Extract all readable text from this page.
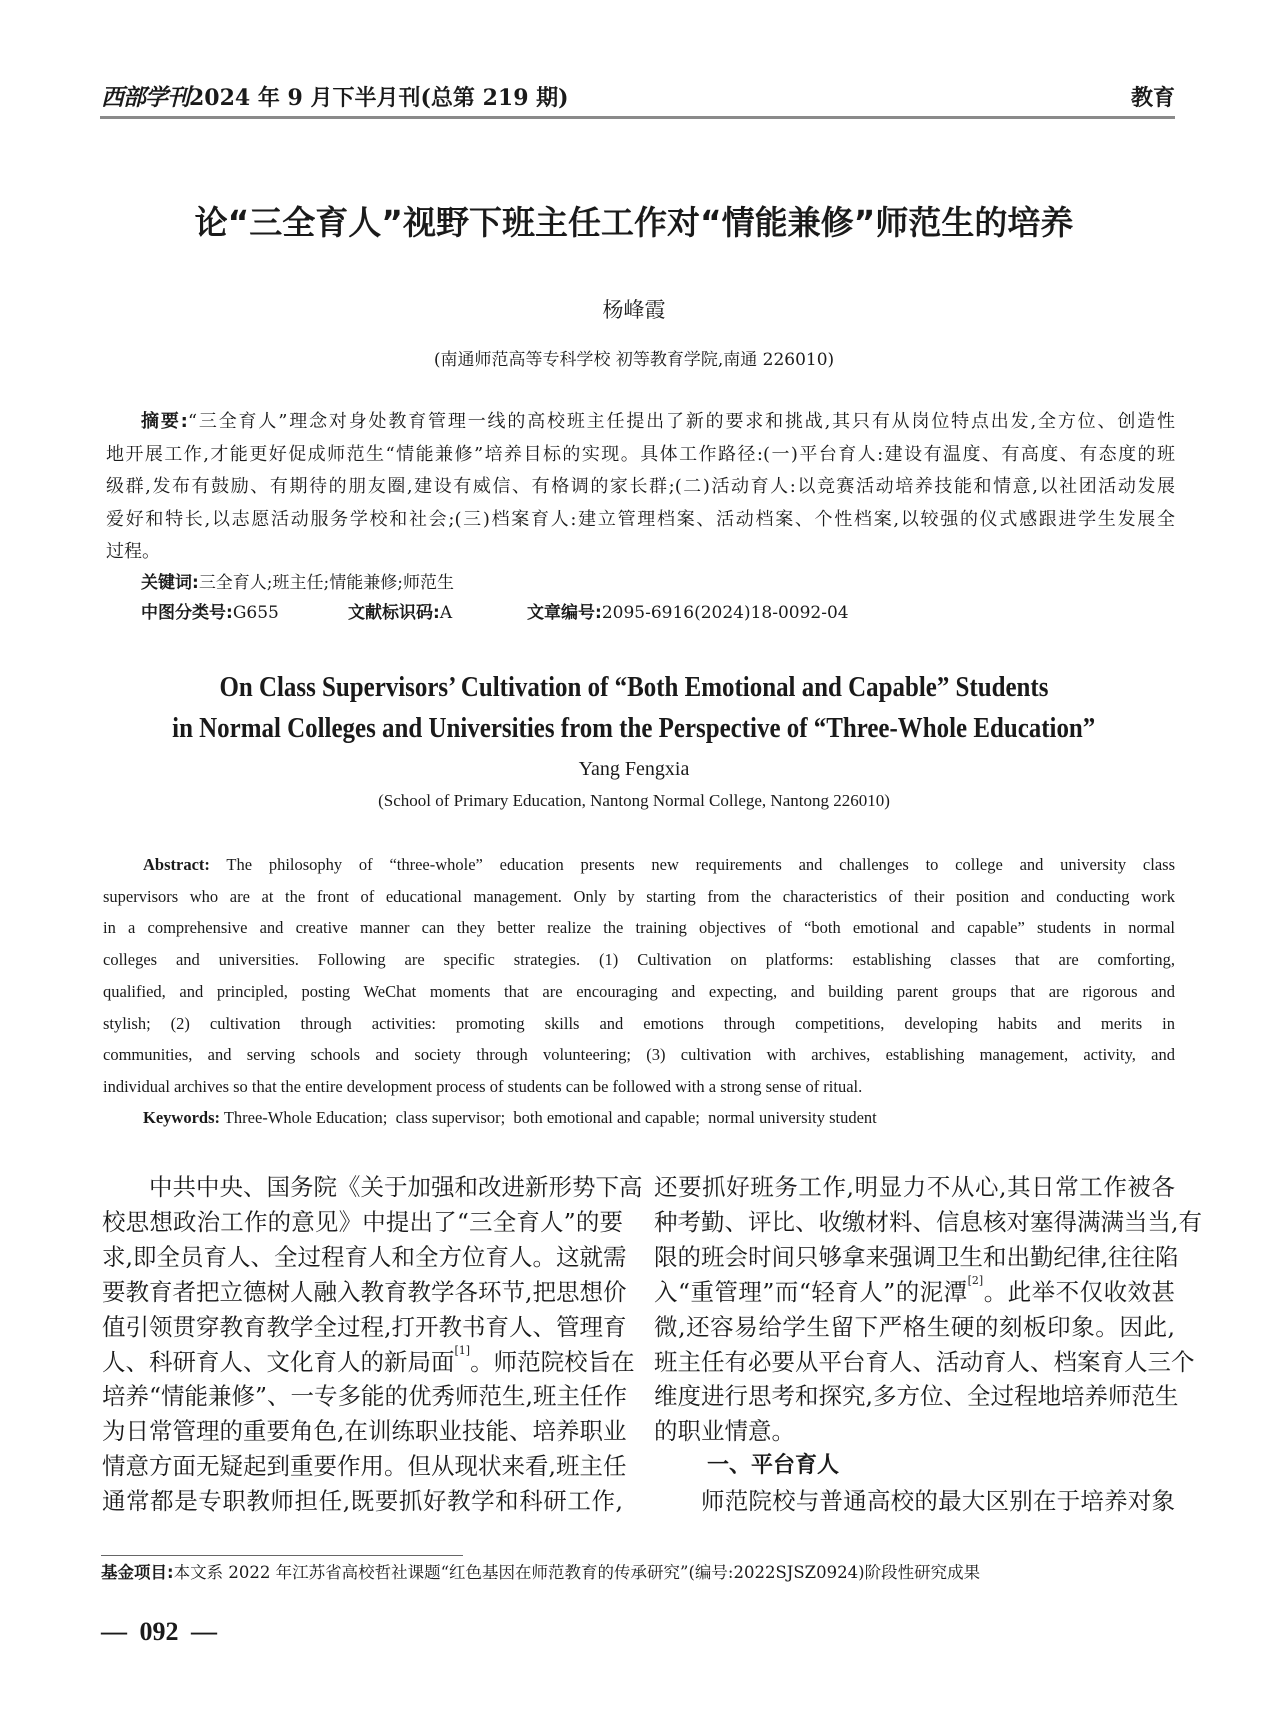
西部学刊2024 年 9 月下半月刊(总第 219 期)	教育
论“三全育人”视野下班主任工作对“情能兼修”师范生的培养
杨峰霞
(南通师范高等专科学校 初等教育学院,南通 226010)
摘要:“三全育人”理念对身处教育管理一线的高校班主任提出了新的要求和挑战,其只有从岗位特点出发,全方位、创造性
地开展工作,才能更好促成师范生“情能兼修”培养目标的实现。具体工作路径:(一)平台育人:建设有温度、有高度、有态度的班
级群,发布有鼓励、有期待的朋友圈,建设有威信、有格调的家长群;(二)活动育人:以竞赛活动培养技能和情意,以社团活动发展
爱好和特长,以志愿活动服务学校和社会;(三)档案育人:建立管理档案、活动档案、个性档案,以较强的仪式感跟进学生发展全
过程。
关键词:三全育人;班主任;情能兼修;师范生
中图分类号:G655	文献标识码:A	文章编号:2095-6916(2024)18-0092-04
On Class Supervisors’ Cultivation of “Both Emotional and Capable” Students
in Normal Colleges and Universities from the Perspective of “Three-Whole Education”
Yang Fengxia
(School of Primary Education, Nantong Normal College, Nantong 226010)
Abstract: The philosophy of “three-whole” education presents new requirements and challenges to college and university class
supervisors who are at the front of educational management. Only by starting from the characteristics of their position and conducting work
in a comprehensive and creative manner can they better realize the training objectives of “both emotional and capable” students in normal
colleges and universities. Following are specific strategies. (1) Cultivation on platforms: establishing classes that are comforting,
qualified, and principled, posting WeChat moments that are encouraging and expecting, and building parent groups that are rigorous and
stylish; (2) cultivation through activities: promoting skills and emotions through competitions, developing habits and merits in
communities, and serving schools and society through volunteering; (3) cultivation with archives, establishing management, activity, and
individual archives so that the entire development process of students can be followed with a strong sense of ritual.
Keywords: Three-Whole Education;  class supervisor;  both emotional and capable;  normal university student
中共中央、国务院《关于加强和改进新形势下高
校思想政治工作的意见》中提出了“三全育人”的要
求,即全员育人、全过程育人和全方位育人。这就需
要教育者把立德树人融入教育教学各环节,把思想价
值引领贯穿教育教学全过程,打开教书育人、管理育
人、科研育人、文化育人的新局面[1]。师范院校旨在
培养“情能兼修”、一专多能的优秀师范生,班主任作
为日常管理的重要角色,在训练职业技能、培养职业
情意方面无疑起到重要作用。但从现状来看,班主任
通常都是专职教师担任,既要抓好教学和科研工作,
还要抓好班务工作,明显力不从心,其日常工作被各
种考勤、评比、收缴材料、信息核对塞得满满当当,有
限的班会时间只够拿来强调卫生和出勤纪律,往往陷
入“重管理”而“轻育人”的泥潭[2]。此举不仅收效甚
微,还容易给学生留下严格生硬的刻板印象。因此,
班主任有必要从平台育人、活动育人、档案育人三个
维度进行思考和探究,多方位、全过程地培养师范生
的职业情意。
一、平台育人
师范院校与普通高校的最大区别在于培养对象
基金项目:本文系 2022 年江苏省高校哲社课题“红色基因在师范教育的传承研究”(编号:2022SJSZ0924)阶段性研究成果
— 092 —
